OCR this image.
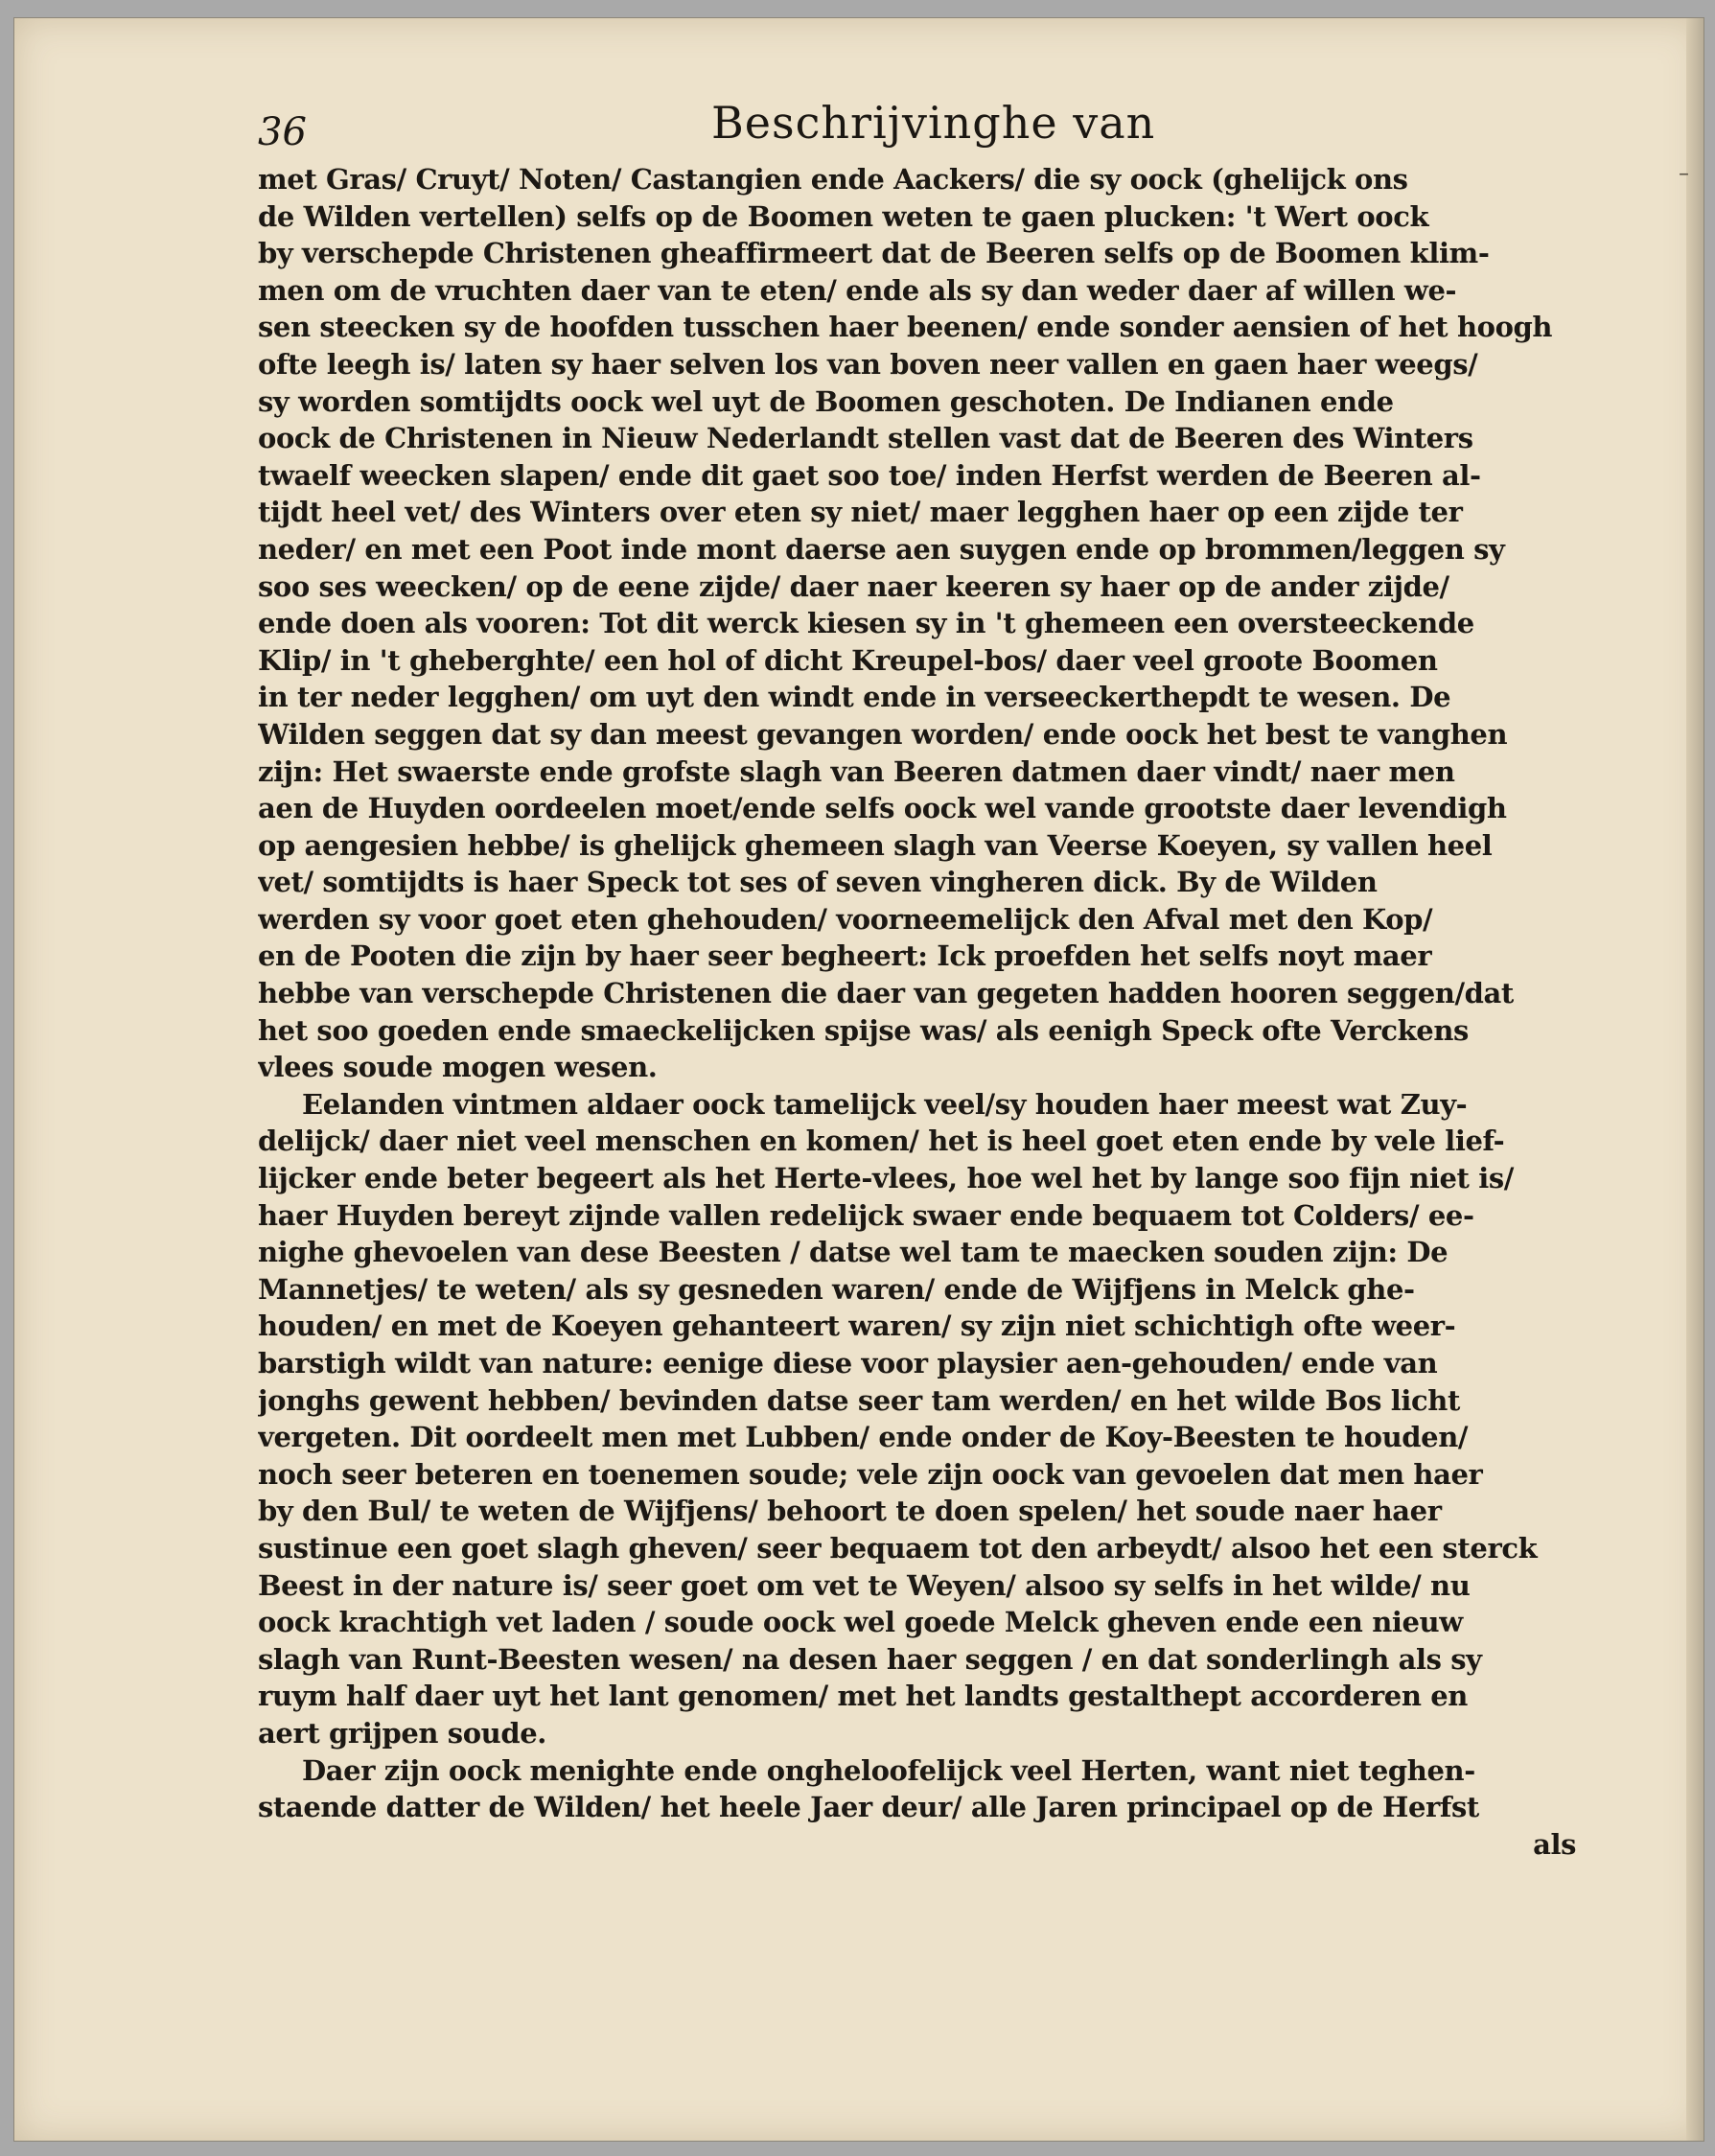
–
36	Beschrijvinghe van
met Gras/ Cruyt/ Noten/ Castangien ende Aackers/ die sy oock (ghelijck ons
de Wilden vertellen) selfs op de Boomen weten te gaen plucken: 't Wert oock
by verschepde Christenen gheaffirmeert dat de Beeren selfs op de Boomen klim-
men om de vruchten daer van te eten/ ende als sy dan weder daer af willen we-
sen steecken sy de hoofden tusschen haer beenen/ ende sonder aensien of het hoogh
ofte leegh is/ laten sy haer selven los van boven neer vallen en gaen haer weegs/
sy worden somtijdts oock wel uyt de Boomen geschoten. De Indianen ende
oock de Christenen in Nieuw Nederlandt stellen vast dat de Beeren des Winters
twaelf weecken slapen/ ende dit gaet soo toe/ inden Herfst werden de Beeren al-
tijdt heel vet/ des Winters over eten sy niet/ maer legghen haer op een zijde ter
neder/ en met een Poot inde mont daerse aen suygen ende op brommen/leggen sy
soo ses weecken/ op de eene zijde/ daer naer keeren sy haer op de ander zijde/
ende doen als vooren: Tot dit werck kiesen sy in 't ghemeen een oversteeckende
Klip/ in 't gheberghte/ een hol of dicht Kreupel-bos/ daer veel groote Boomen
in ter neder legghen/ om uyt den windt ende in verseeckerthepdt te wesen. De
Wilden seggen dat sy dan meest gevangen worden/ ende oock het best te vanghen
zijn: Het swaerste ende grofste slagh van Beeren datmen daer vindt/ naer men
aen de Huyden oordeelen moet/ende selfs oock wel vande grootste daer levendigh
op aengesien hebbe/ is ghelijck ghemeen slagh van Veerse Koeyen, sy vallen heel
vet/ somtijdts is haer Speck tot ses of seven vingheren dick. By de Wilden
werden sy voor goet eten ghehouden/ voorneemelijck den Afval met den Kop/
en de Pooten die zijn by haer seer begheert: Ick proefden het selfs noyt maer
hebbe van verschepde Christenen die daer van gegeten hadden hooren seggen/dat
het soo goeden ende smaeckelijcken spijse was/ als eenigh Speck ofte Verckens
vlees soude mogen wesen.
Eelanden vintmen aldaer oock tamelijck veel/sy houden haer meest wat Zuy-
delijck/ daer niet veel menschen en komen/ het is heel goet eten ende by vele lief-
lijcker ende beter begeert als het Herte-vlees, hoe wel het by lange soo fijn niet is/
haer Huyden bereyt zijnde vallen redelijck swaer ende bequaem tot Colders/ ee-
nighe ghevoelen van dese Beesten / datse wel tam te maecken souden zijn: De
Mannetjes/ te weten/ als sy gesneden waren/ ende de Wijfjens in Melck ghe-
houden/ en met de Koeyen gehanteert waren/ sy zijn niet schichtigh ofte weer-
barstigh wildt van nature: eenige diese voor playsier aen-gehouden/ ende van
jonghs gewent hebben/ bevinden datse seer tam werden/ en het wilde Bos licht
vergeten. Dit oordeelt men met Lubben/ ende onder de Koy-Beesten te houden/
noch seer beteren en toenemen soude; vele zijn oock van gevoelen dat men haer
by den Bul/ te weten de Wijfjens/ behoort te doen spelen/ het soude naer haer
sustinue een goet slagh gheven/ seer bequaem tot den arbeydt/ alsoo het een sterck
Beest in der nature is/ seer goet om vet te Weyen/ alsoo sy selfs in het wilde/ nu
oock krachtigh vet laden / soude oock wel goede Melck gheven ende een nieuw
slagh van Runt-Beesten wesen/ na desen haer seggen / en dat sonderlingh als sy
ruym half daer uyt het lant genomen/ met het landts gestalthept accorderen en
aert grijpen soude.
Daer zijn oock menighte ende ongheloofelijck veel Herten, want niet teghen-
staende datter de Wilden/ het heele Jaer deur/ alle Jaren principael op de Herfst
als
